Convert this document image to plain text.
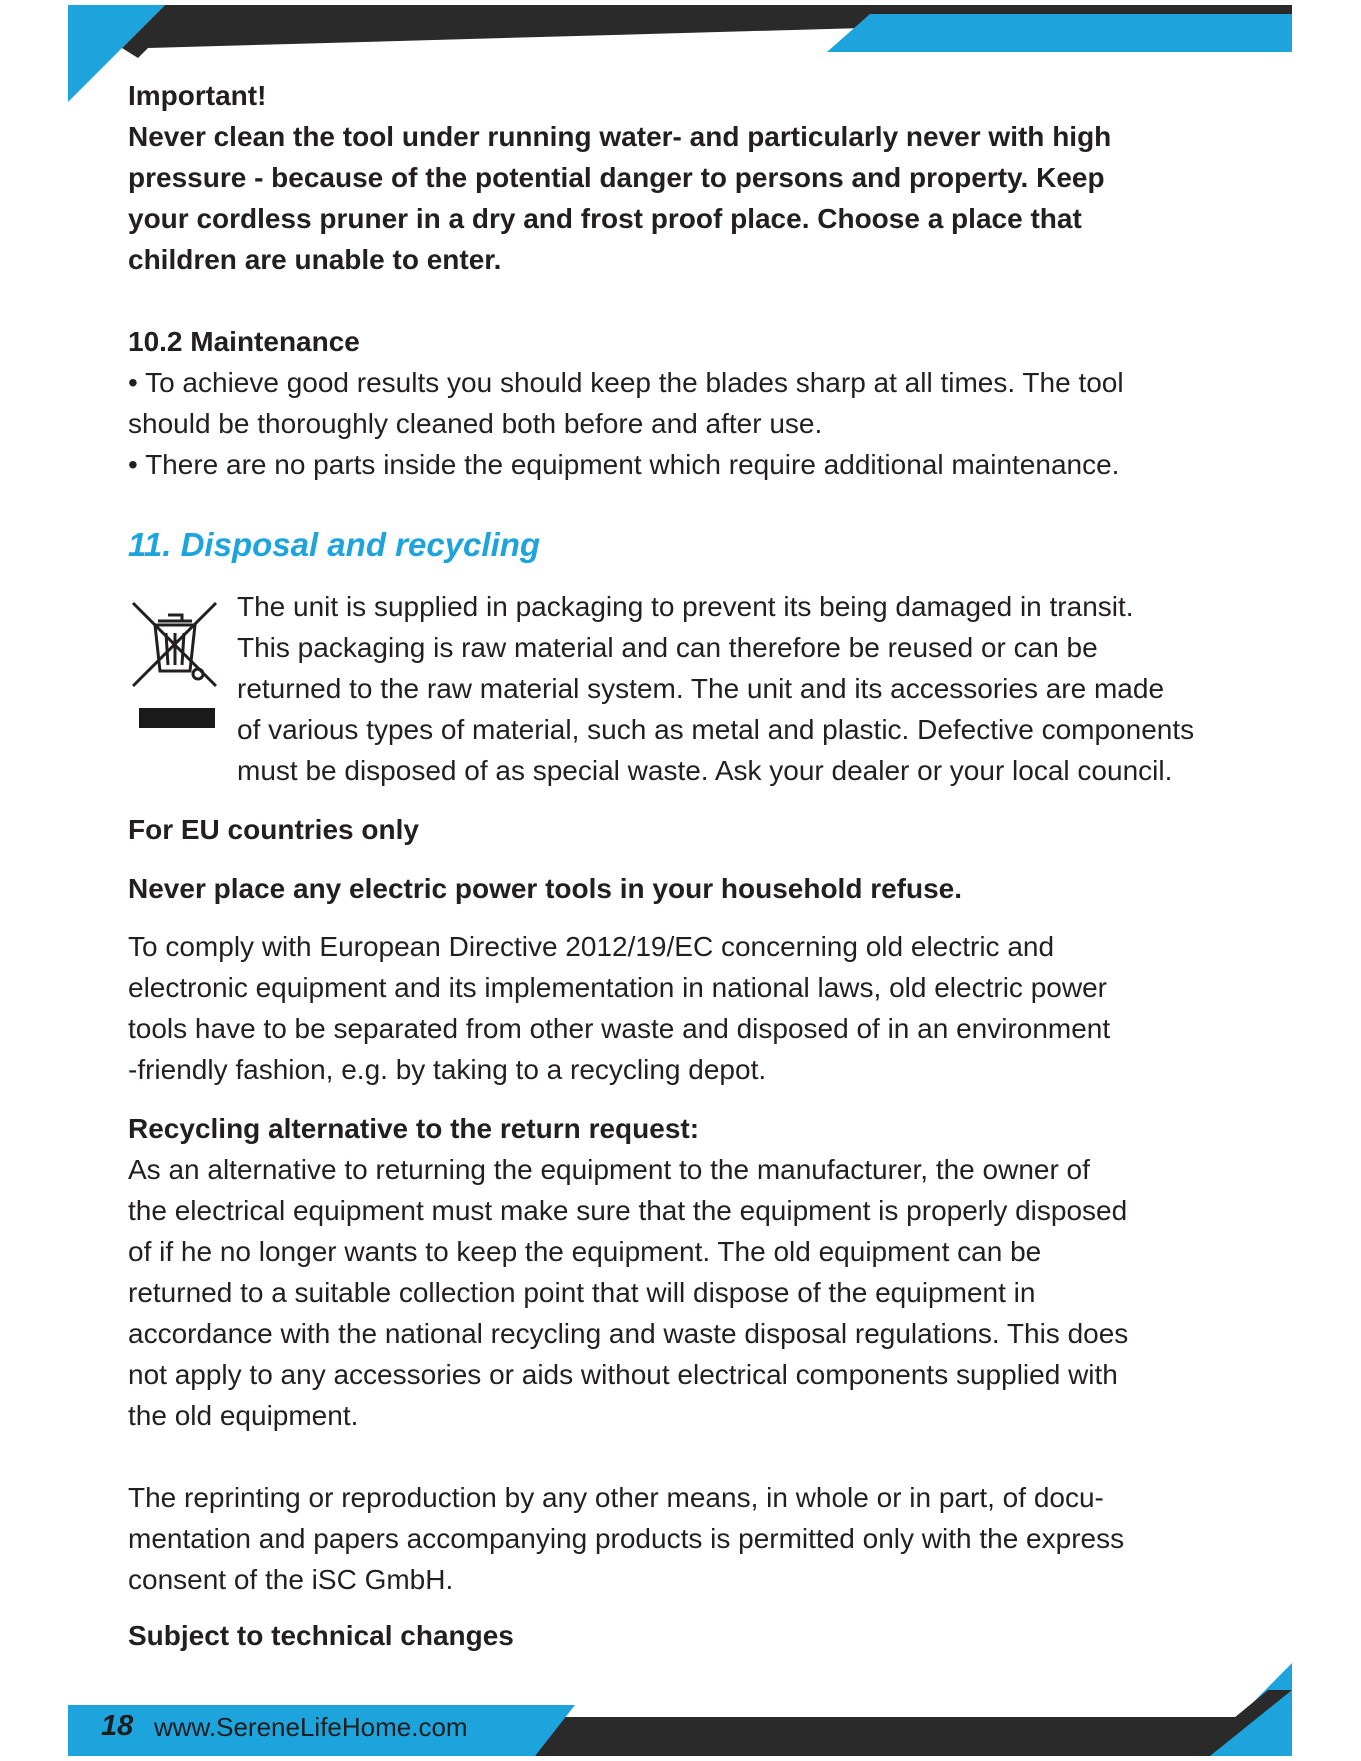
Important!
Never clean the tool under running water- and particularly never with high
pressure - because of the potential danger to persons and property. Keep
your cordless pruner in a dry and frost proof place. Choose a place that
children are unable to enter.
10.2 Maintenance
• To achieve good results you should keep the blades sharp at all times. The tool
should be thoroughly cleaned both before and after use.
• There are no parts inside the equipment which require additional maintenance.
11. Disposal and recycling
The unit is supplied in packaging to prevent its being damaged in transit.
This packaging is raw material and can therefore be reused or can be
returned to the raw material system. The unit and its accessories are made
of various types of material, such as metal and plastic. Defective components
must be disposed of as special waste. Ask your dealer or your local council.
For EU countries only
Never place any electric power tools in your household refuse.
To comply with European Directive 2012/19/EC concerning old electric and
electronic equipment and its implementation in national laws, old electric power
tools have to be separated from other waste and disposed of in an environment
-friendly fashion, e.g. by taking to a recycling depot.
Recycling alternative to the return request:
As an alternative to returning the equipment to the manufacturer, the owner of
the electrical equipment must make sure that the equipment is properly disposed
of if he no longer wants to keep the equipment. The old equipment can be
returned to a suitable collection point that will dispose of the equipment in
accordance with the national recycling and waste disposal regulations. This does
not apply to any accessories or aids without electrical components supplied with
the old equipment.
The reprinting or reproduction by any other means, in whole or in part, of docu-
mentation and papers accompanying products is permitted only with the express
consent of the iSC GmbH.
Subject to technical changes
18 www.SereneLifeHome.com
